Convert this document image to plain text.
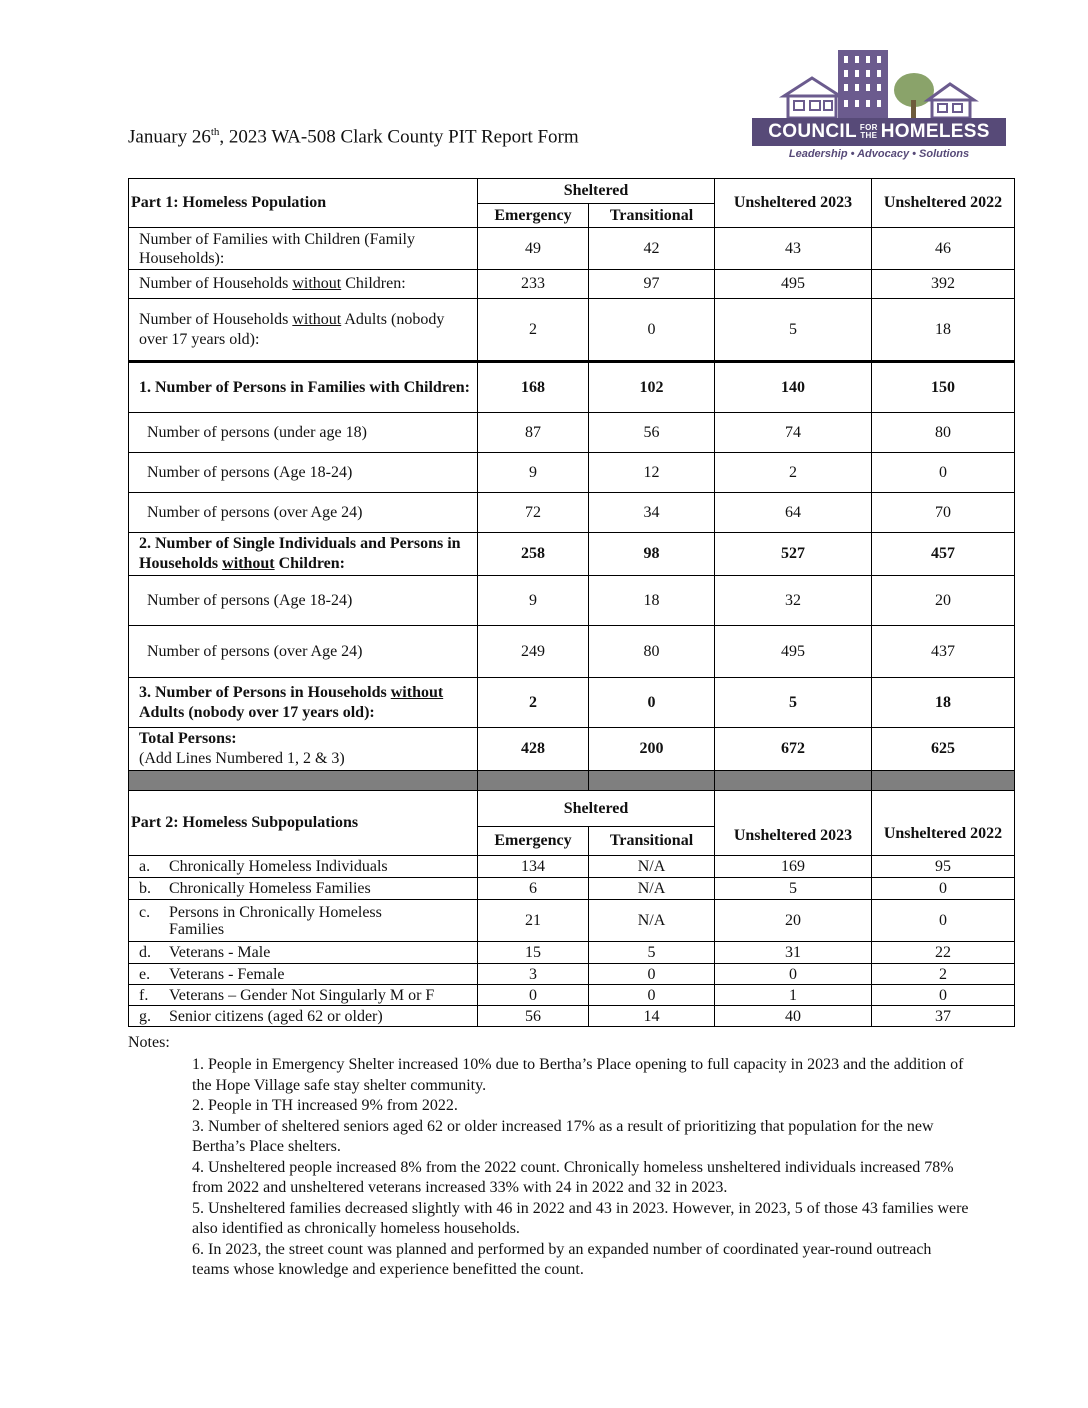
January 26th, 2023 WA-508 Clark County PIT Report Form	COUNCIL FOR
THE HOMELESS
Leadership • Advocacy • Solutions
Part 1: Homeless Population	Sheltered		Unsheltered 2023	Unsheltered 2022
	Emergency	Transitional		
Number of Families with Children (Family Households):	49	42	43	46
Number of Households without Children:	233	97	495	392
Number of Households without Adults (nobody over 17 years old):	2	0	5	18
1. Number of Persons in Families with Children:	168	102	140	150
Number of persons (under age 18)	87	56	74	80
Number of persons (Age 18-24)	9	12	2	0
Number of persons (over Age 24)	72	34	64	70
2. Number of Single Individuals and Persons in Households without Children:	258	98	527	457
Number of persons (Age 18-24)	9	18	32	20
Number of persons (over Age 24)	249	80	495	437
3. Number of Persons in Households without Adults (nobody over 17 years old):	2	0	5	18
Total Persons:
(Add Lines Numbered 1, 2 & 3)	428	200	672	625

Part 2: Homeless Subpopulations	Sheltered		Unsheltered 2023	Unsheltered 2022
	Emergency	Transitional		
a. Chronically Homeless Individuals	134	N/A	169	95
b. Chronically Homeless Families	6	N/A	5	0

c. Persons in Chronically Homeless Families	21	N/A	20	0
d. Veterans - Male	15	5	31	22
e. Veterans - Female	3	0	0	2
f. Veterans – Gender Not Singularly M or F	0	0	1	0
g. Senior citizens (aged 62 or older)	56	14	40	37
Notes:

1. People in Emergency Shelter increased 10% due to Bertha’s Place opening to full capacity in 2023 and the addition of the Hope Village safe stay shelter community.

2. People in TH increased 9% from 2022.

3. Number of sheltered seniors aged 62 or older increased 17% as a result of prioritizing that population for the new Bertha’s Place shelters.

4. Unsheltered people increased 8% from the 2022 count. Chronically homeless unsheltered individuals increased 78% from 2022 and unsheltered veterans increased 33% with 24 in 2022 and 32 in 2023.

5. Unsheltered families decreased slightly with 46 in 2022 and 43 in 2023. However, in 2023, 5 of those 43 families were also identified as chronically homeless households.

6. In 2023, the street count was planned and performed by an expanded number of coordinated year-round outreach teams whose knowledge and experience benefitted the count.
